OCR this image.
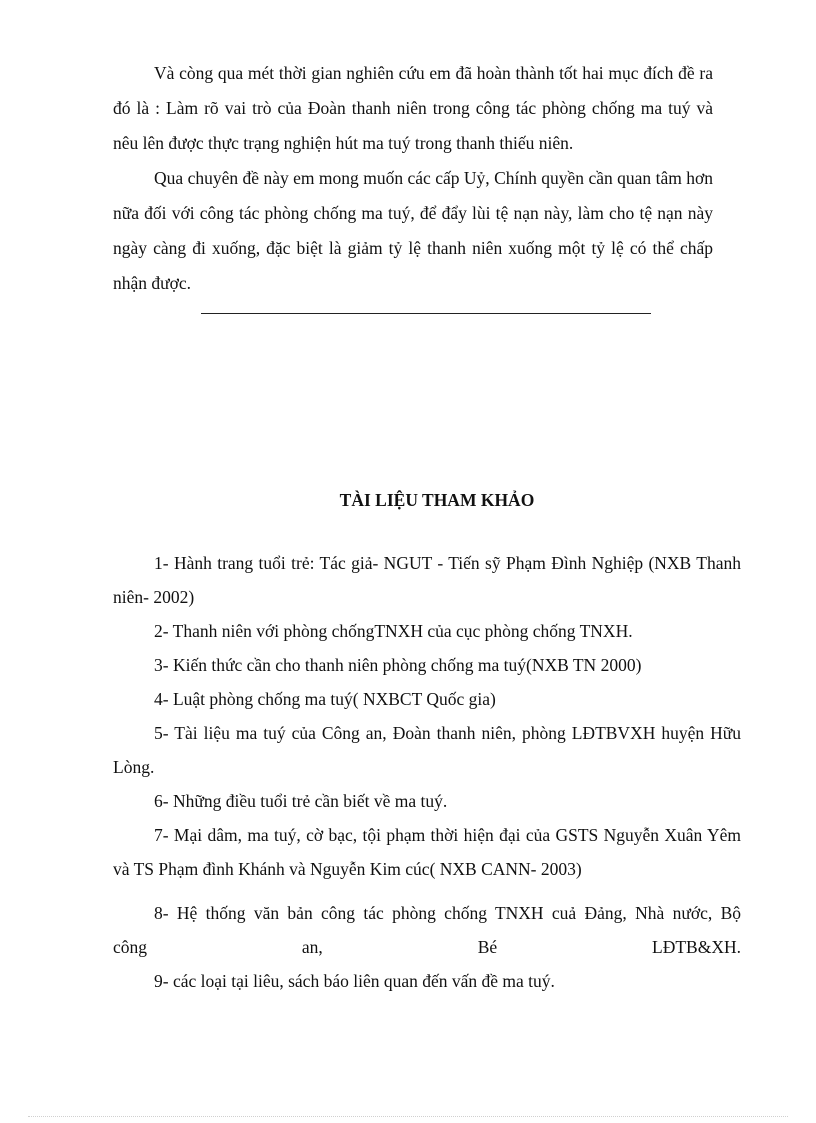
Và còng qua mét thời gian nghiên cứu em đã hoàn thành tốt hai mục đích đề ra đó là : Làm rõ vai trò của Đoàn thanh niên trong công tác phòng chống ma tuý và nêu lên được thực trạng nghiện hút ma tuý trong thanh thiếu niên.

Qua chuyên đề này em mong muốn các cấp Uỷ, Chính quyền cần quan tâm hơn nữa đối với công tác phòng chống ma tuý, để đẩy lùi tệ nạn này, làm cho tệ nạn này ngày càng đi xuống, đặc biệt là giảm tỷ lệ thanh niên xuống một tỷ lệ có thể chấp nhận được.

TÀI LIỆU THAM KHẢO

1- Hành trang tuổi trẻ: Tác giả- NGUT - Tiến sỹ Phạm Đình Nghiệp (NXB Thanh niên- 2002)

2- Thanh niên với phòng chốngTNXH của cục phòng chống TNXH.

3- Kiến thức cần cho thanh niên phòng chống ma tuý(NXB TN 2000)

4- Luật phòng chống ma tuý( NXBCT Quốc gia)

5- Tài liệu ma tuý của Công an, Đoàn thanh niên, phòng LĐTBVXH huyện Hữu Lòng.

6- Những điều tuổi trẻ cần biết về ma tuý.

7- Mại dâm, ma tuý, cờ bạc, tội phạm thời hiện đại của GSTS Nguyễn Xuân Yêm và TS Phạm đình Khánh và Nguyễn Kim cúc( NXB CANN- 2003)

8- Hệ thống văn bản công tác phòng chống TNXH cuả Đảng, Nhà nước, Bộ

công	an,	Bé	LĐTB&XH.

9- các loại tại liêu, sách báo liên quan đến vấn đề ma tuý.
